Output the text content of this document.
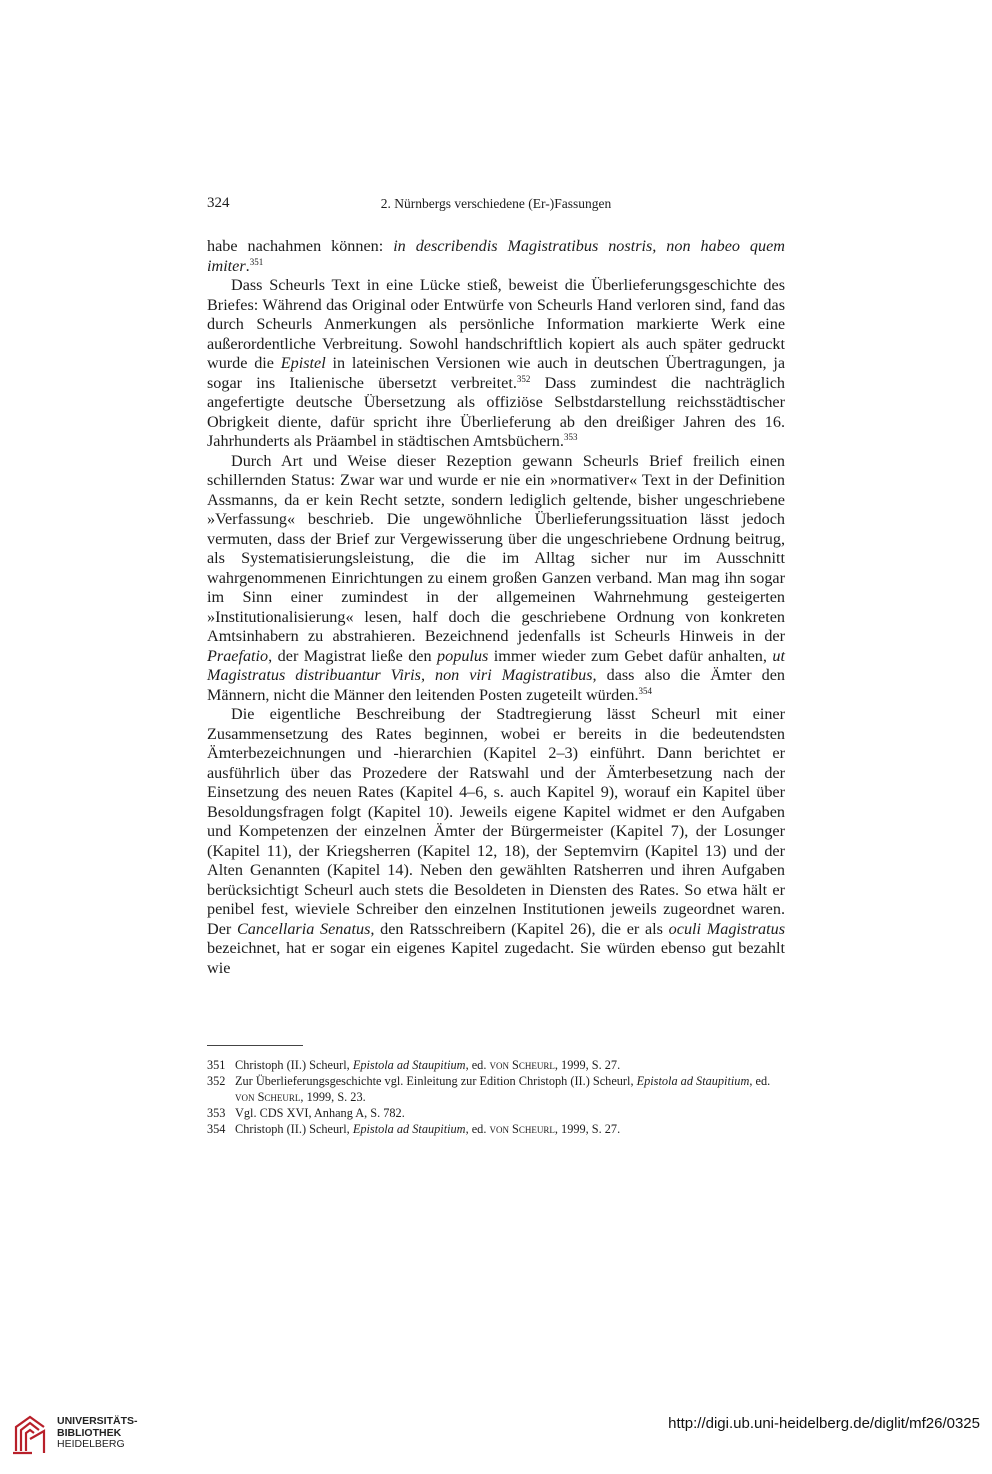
324	2. Nürnbergs verschiedene (Er-)Fassungen

habe nachahmen können: in describendis Magistratibus nostris, non habeo quem imiter.$^{351}$

Dass Scheurls Text in eine Lücke stieß, beweist die Überlieferungsgeschichte des Briefes: Während das Original oder Entwürfe von Scheurls Hand verloren sind, fand das durch Scheurls Anmerkungen als persönliche Information markierte Werk eine außerordentliche Verbreitung. Sowohl handschriftlich kopiert als auch später gedruckt wurde die Epistel in lateinischen Versionen wie auch in deutschen Übertragungen, ja sogar ins Italienische übersetzt verbreitet.$^{352}$ Dass zumindest die nachträglich angefertigte deutsche Übersetzung als offiziöse Selbstdarstellung reichsstädtischer Obrigkeit diente, dafür spricht ihre Überlieferung ab den dreißiger Jahren des 16. Jahrhunderts als Präambel in städtischen Amtsbüchern.$^{353}$

Durch Art und Weise dieser Rezeption gewann Scheurls Brief freilich einen schillernden Status: Zwar war und wurde er nie ein »normativer« Text in der Definition Assmanns, da er kein Recht setzte, sondern lediglich geltende, bisher ungeschriebene »Verfassung« beschrieb. Die ungewöhnliche Überlieferungssituation lässt jedoch vermuten, dass der Brief zur Vergewisserung über die ungeschriebene Ordnung beitrug, als Systematisierungsleistung, die die im Alltag sicher nur im Ausschnitt wahrgenommenen Einrichtungen zu einem großen Ganzen verband. Man mag ihn sogar im Sinn einer zumindest in der allgemeinen Wahrnehmung gesteigerten »Institutionalisierung« lesen, half doch die geschriebene Ordnung von konkreten Amtsinhabern zu abstrahieren. Bezeichnend jedenfalls ist Scheurls Hinweis in der Praefatio, der Magistrat ließe den populus immer wieder zum Gebet dafür anhalten, ut Magistratus distribuantur Viris, non viri Magistratibus, dass also die Ämter den Männern, nicht die Männer den leitenden Posten zugeteilt würden.$^{354}$

Die eigentliche Beschreibung der Stadtregierung lässt Scheurl mit einer Zusammensetzung des Rates beginnen, wobei er bereits in die bedeutendsten Ämterbezeichnungen und -hierarchien (Kapitel 2–3) einführt. Dann berichtet er ausführlich über das Prozedere der Ratswahl und der Ämterbesetzung nach der Einsetzung des neuen Rates (Kapitel 4–6, s. auch Kapitel 9), worauf ein Kapitel über Besoldungsfragen folgt (Kapitel 10). Jeweils eigene Kapitel widmet er den Aufgaben und Kompetenzen der einzelnen Ämter der Bürgermeister (Kapitel 7), der Losunger (Kapitel 11), der Kriegsherren (Kapitel 12, 18), der Septemvirn (Kapitel 13) und der Alten Genannten (Kapitel 14). Neben den gewählten Ratsherren und ihren Aufgaben berücksichtigt Scheurl auch stets die Besoldeten in Diensten des Rates. So etwa hält er penibel fest, wieviele Schreiber den einzelnen Institutionen jeweils zugeordnet waren. Der Cancellaria Senatus, den Ratsschreibern (Kapitel 26), die er als oculi Magistratus bezeichnet, hat er sogar ein eigenes Kapitel zugedacht. Sie würden ebenso gut bezahlt wie

351 Christoph (II.) Scheurl, Epistola ad Staupitium, ed. von Scheurl, 1999, S. 27.
352 Zur Überlieferungsgeschichte vgl. Einleitung zur Edition Christoph (II.) Scheurl, Epistola ad Staupitium, ed. von Scheurl, 1999, S. 23.
353 Vgl. CDS XVI, Anhang A, S. 782.
354 Christoph (II.) Scheurl, Epistola ad Staupitium, ed. von Scheurl, 1999, S. 27.
UNIVERSITÄTS-
BIBLIOTHEK
HEIDELBERG
http://digi.ub.uni-heidelberg.de/diglit/mf26/0325
